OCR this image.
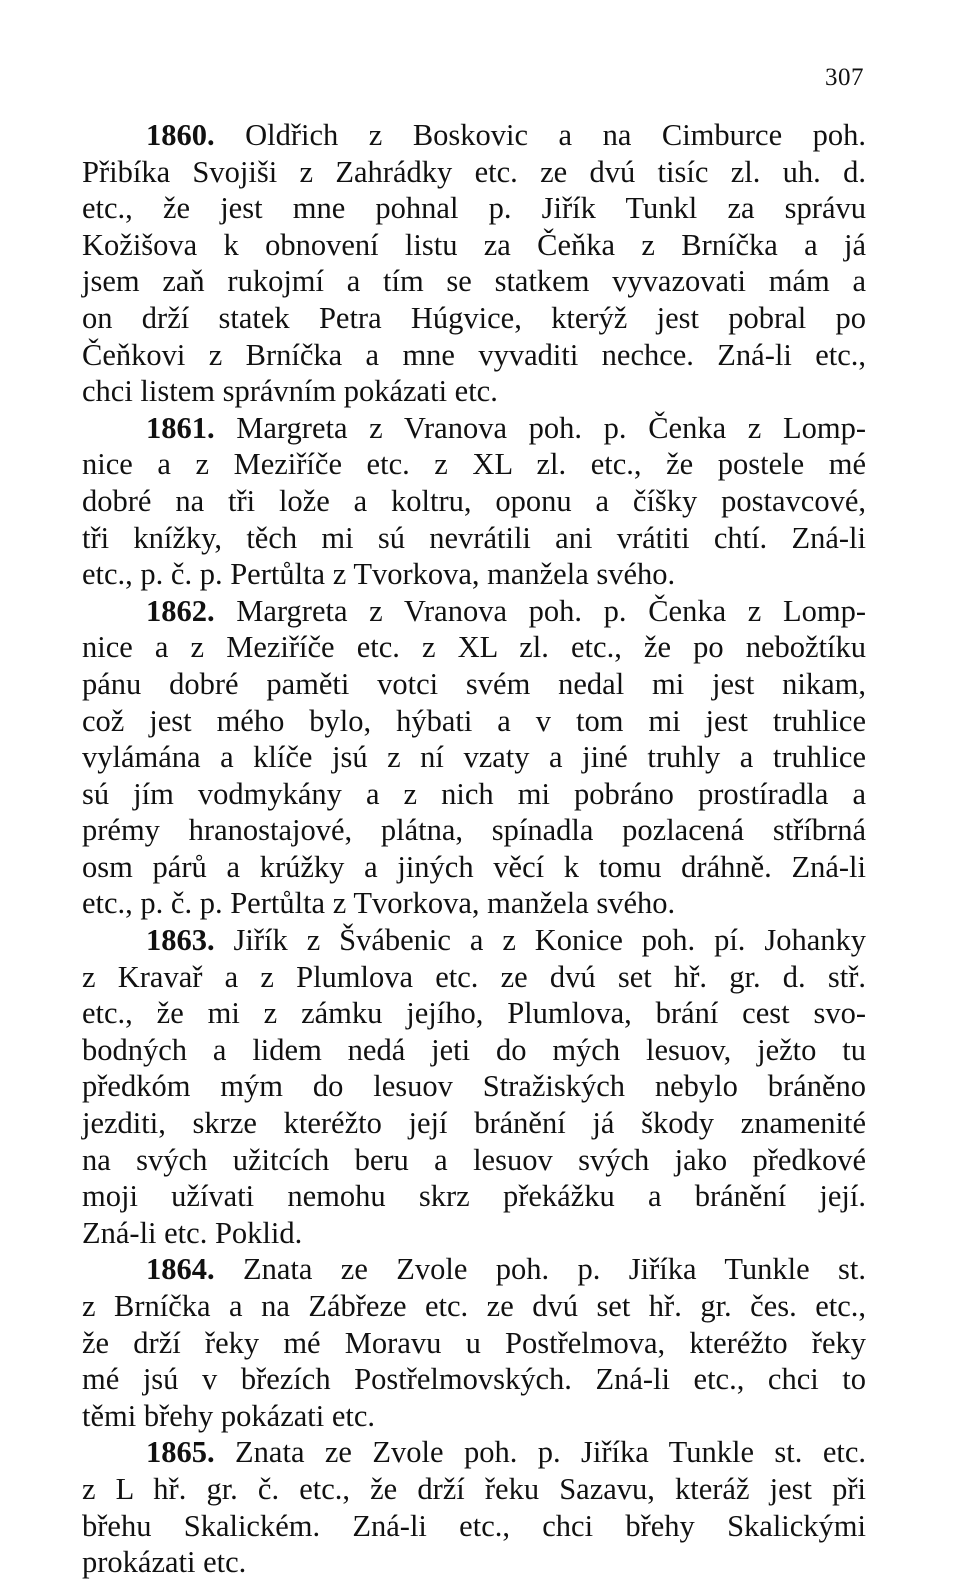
307
1860. Oldřich z Boskovic a na Cimburce poh.
Přibíka Svojiši z Zahrádky etc. ze dvú tisíc zl. uh. d.
etc., že jest mne pohnal p. Jiřík Tunkl za správu
Kožišova k obnovení listu za Čeňka z Brníčka a já
jsem zaň rukojmí a tím se statkem vyvazovati mám a
on drží statek Petra Húgvice, kterýž jest pobral po
Čeňkovi z Brníčka a mne vyvaditi nechce. Zná-li etc.,
chci listem správním pokázati etc.
1861. Margreta z Vranova poh. p. Čenka z Lomp-
nice a z Meziříče etc. z XL zl. etc., že postele mé
dobré na tři lože a koltru, oponu a číšky postavcové,
tři knížky, těch mi sú nevrátili ani vrátiti chtí. Zná-li
etc., p. č. p. Pertůlta z Tvorkova, manžela svého.
1862. Margreta z Vranova poh. p. Čenka z Lomp-
nice a z Meziříče etc. z XL zl. etc., že po nebožtíku
pánu dobré paměti votci svém nedal mi jest nikam,
což jest mého bylo, hýbati a v tom mi jest truhlice
vylámána a klíče jsú z ní vzaty a jiné truhly a truhlice
sú jím vodmykány a z nich mi pobráno prostíradla a
prémy hranostajové, plátna, spínadla pozlacená stříbrná
osm párů a krúžky a jiných věcí k tomu dráhně. Zná-li
etc., p. č. p. Pertůlta z Tvorkova, manžela svého.
1863. Jiřík z Švábenic a z Konice poh. pí. Johanky
z Kravař a z Plumlova etc. ze dvú set hř. gr. d. stř.
etc., že mi z zámku jejího, Plumlova, brání cest svo-
bodných a lidem nedá jeti do mých lesuov, ježto tu
předkóm mým do lesuov Stražiských nebylo bráněno
jezditi, skrze kteréžto její bránění já škody znamenité
na svých užitcích beru a lesuov svých jako předkové
moji užívati nemohu skrz překážku a bránění její.
Zná-li etc. Poklid.
1864. Znata ze Zvole poh. p. Jiříka Tunkle st.
z Brníčka a na Zábřeze etc. ze dvú set hř. gr. čes. etc.,
že drží řeky mé Moravu u Postřelmova, kteréžto řeky
mé jsú v březích Postřelmovských. Zná-li etc., chci to
těmi břehy pokázati etc.
1865. Znata ze Zvole poh. p. Jiříka Tunkle st. etc.
z L hř. gr. č. etc., že drží řeku Sazavu, kteráž jest při
břehu Skalickém. Zná-li etc., chci břehy Skalickými
prokázati etc.
